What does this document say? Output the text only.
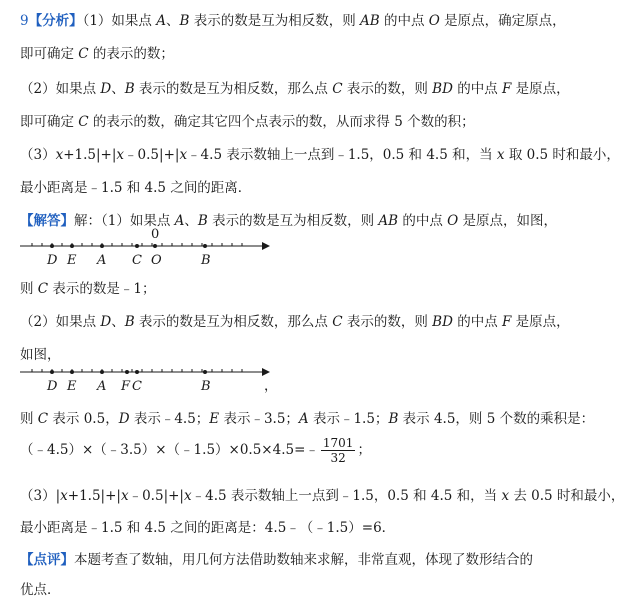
9【分析】（1）如果点 A、B 表示的数是互为相反数，则 AB 的中点 O 是原点，确定原点，
即可确定 C 的表示的数；
（2）如果点 D、B 表示的数是互为相反数，那么点 C 表示的数，则 BD 的中点 F 是原点，
即可确定 C 的表示的数，确定其它四个点表示的数，从而求得 5 个数的积；
（3）x+1.5|+|x﹣0.5|+|x﹣4.5 表示数轴上一点到﹣1.5，0.5 和 4.5 和，当 x 取 0.5 时和最小，
最小距离是﹣1.5 和 4.5 之间的距离．
【解答】解：（1）如果点 A、B 表示的数是互为相反数，则 AB 的中点 O 是原点，如图，
0
D E A C O	B
则 C 表示的数是﹣1；
（2）如果点 D、B 表示的数是互为相反数，那么点 C 表示的数，则 BD 的中点 F 是原点，
如图，
D E A F C	B	，
则 C 表示 0.5，D 表示﹣4.5；E 表示﹣3.5；A 表示﹣1.5；B 表示 4.5，则 5 个数的乘积是：
（﹣4.5）×（﹣3.5）×（﹣1.5）×0.5×4.5=﹣ $\frac{1701}{32}$ ；
（3）|x+1.5|+|x﹣0.5|+|x﹣4.5 表示数轴上一点到﹣1.5，0.5 和 4.5 和，当 x 去 0.5 时和最小，
最小距离是﹣1.5 和 4.5 之间的距离是：4.5﹣（﹣1.5）=6．
【点评】本题考查了数轴，用几何方法借助数轴来求解，非常直观，体现了数形结合的
优点．
